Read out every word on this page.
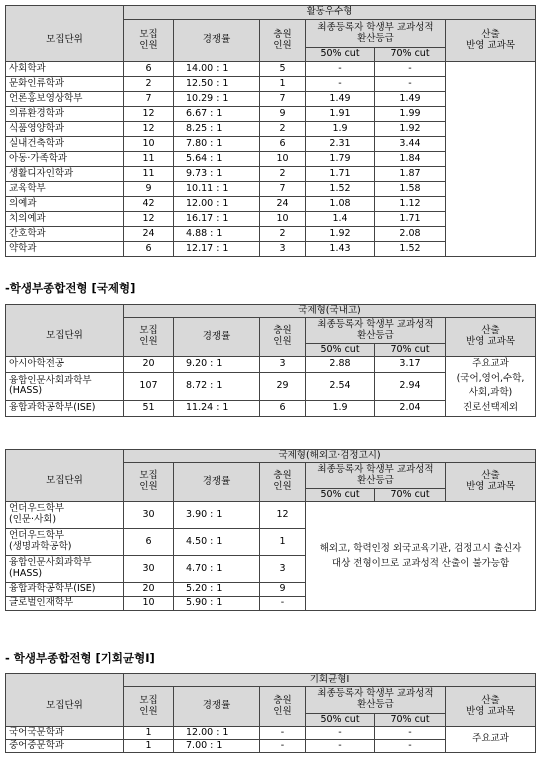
	활동우수형					
모집단위	모집
인원	경쟁률	충원
인원	최종등록자 학생부 교과성적
환산등급		산출
반영 교과목
				50% cut	70% cut	
사회학과	6	14.00 : 1	5	-	-	
문화인류학과	2	12.50 : 1	1	-	-	
언론홍보영상학부	7	10.29 : 1	7	1.49	1.49	
의류환경학과	12	6.67 : 1	9	1.91	1.99	
식품영양학과	12	8.25 : 1	2	1.9	1.92	
실내건축학과	10	7.80 : 1	6	2.31	3.44	
아동·가족학과	11	5.64 : 1	10	1.79	1.84	
생활디자인학과	11	9.73 : 1	2	1.71	1.87	
교육학부	9	10.11 : 1	7	1.52	1.58	
의예과	42	12.00 : 1	24	1.08	1.12	
치의예과	12	16.17 : 1	10	1.4	1.71	
간호학과	24	4.88 : 1	2	1.92	2.08	
약학과	6	12.17 : 1	3	1.43	1.52	
-학생부종합전형 [국제형]
	국제형(국내고)					
모집단위	모집
인원	경쟁률	충원
인원	최종등록자 학생부 교과성적
환산등급		산출
반영 교과목
				50% cut	70% cut	
아시아학전공	20	9.20 : 1	3	2.88	3.17	주요교과
(국어,영어,수학,
사회,과학)
진로선택제외

융합인문사회과학부
(HASS)	107	8.72 : 1	29	2.54	2.94	
융합과학공학부(ISE)	51	11.24 : 1	6	1.9	2.04	
	국제형(해외고·검정고시)					
모집단위	모집
인원	경쟁률	충원
인원	최종등록자 학생부 교과성적
환산등급		산출
반영 교과목
				50% cut	70% cut	
언더우드학부
(인문·사회)	30	3.90 : 1	12	해외고, 학력인정 외국교육기관, 검정고시 출신자
대상 전형이므로 교과성적 산출이 불가능함		
언더우드학부
(생명과학공학)	6	4.50 : 1	1			
융합인문사회과학부
(HASS)	30	4.70 : 1	3			
융합과학공학부(ISE)	20	5.20 : 1	9			
글로벌인재학부	10	5.90 : 1	-			
- 학생부종합전형 [기회균형Ⅰ]
	기회균형Ⅰ					
모집단위	모집
인원	경쟁률	충원
인원	최종등록자 학생부 교과성적
환산등급		산출
반영 교과목
				50% cut	70% cut	
국어국문학과	1	12.00 : 1	-	-	-	주요교과
중어중문학과	1	7.00 : 1	-	-	-	
